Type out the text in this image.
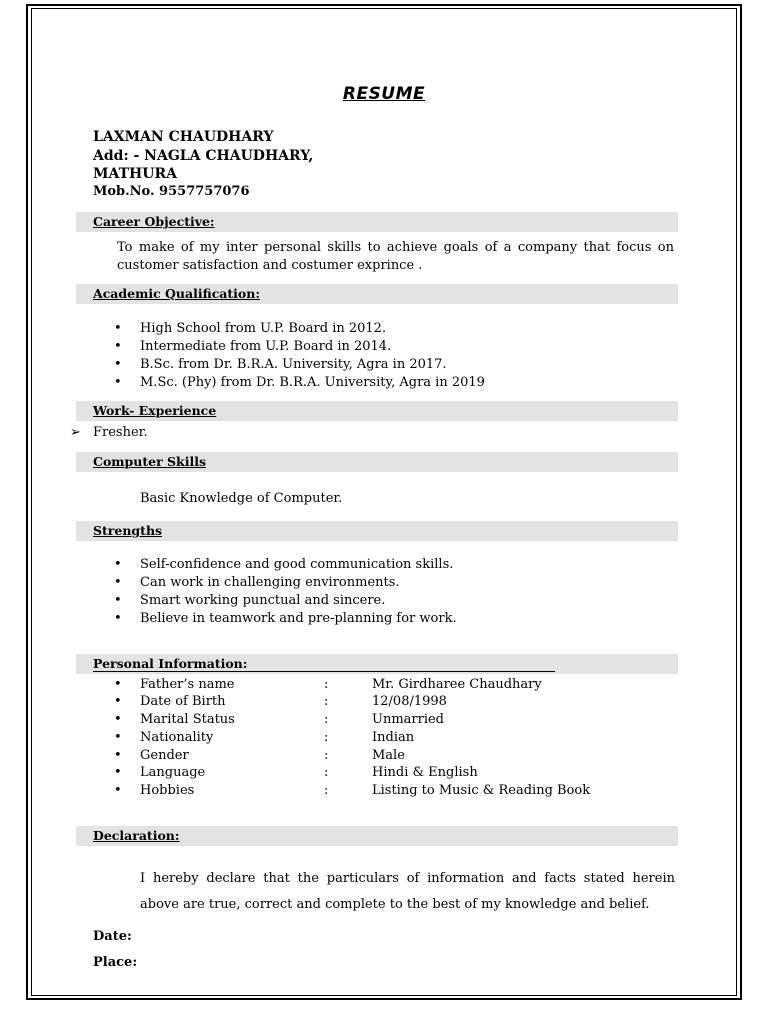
RESUME
LAXMAN CHAUDHARY
Add: - NAGLA CHAUDHARY,
MATHURA
Mob.No. 9557757076
Career Objective:
To make of my inter personal skills to achieve goals of a company that focus on customer satisfaction and costumer exprince .
Academic Qualification:
• High School from U.P. Board in 2012.
• Intermediate from U.P. Board in 2014.
• B.Sc. from Dr. B.R.A. University, Agra in 2017.
• M.Sc. (Phy) from Dr. B.R.A. University, Agra in 2019
Work- Experience
➢ Fresher.
Computer Skills
Basic Knowledge of Computer.
Strengths
• Self-confidence and good communication skills.
• Can work in challenging environments.
• Smart working punctual and sincere.
• Believe in teamwork and pre-planning for work.
Personal Information:
• Father’s name	:	Mr. Girdharee Chaudhary
• Date of Birth	:	12/08/1998
• Marital Status	:	Unmarried
• Nationality	:	Indian
• Gender	:	Male
• Language	:	Hindi & English
• Hobbies	:	Listing to Music & Reading Book
Declaration:
I hereby declare that the particulars of information and facts stated herein above are true, correct and complete to the best of my knowledge and belief.
Date:
Place:
